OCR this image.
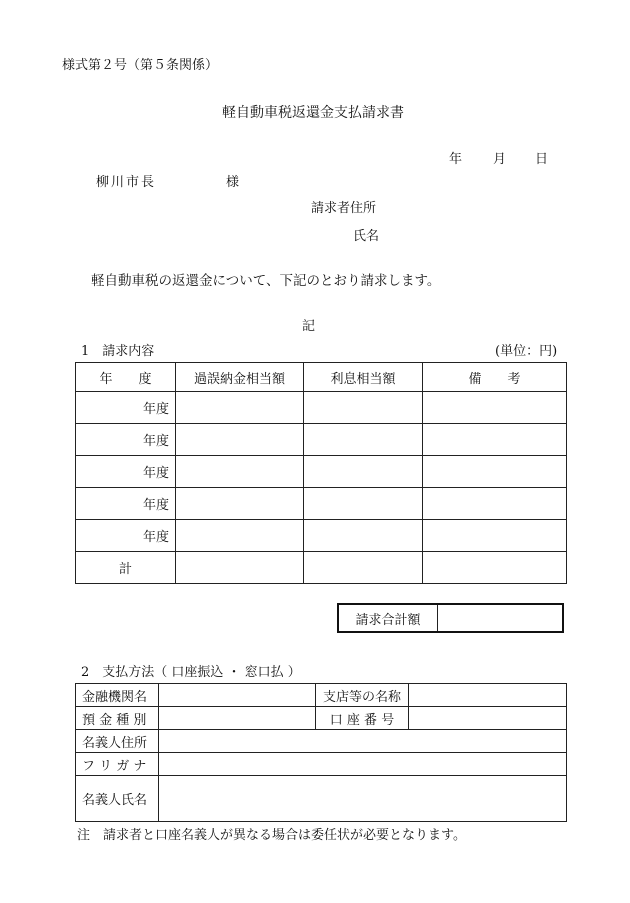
様式第２号（第５条関係）
軽自動車税返還金支払請求書
年 月 日
柳川市長	様
請求者住所
氏名
軽自動車税の返還金について、下記のとおり請求します。
記
1　請求内容	(単位：円)
年　　度	過誤納金相当額	利息相当額	備　　考
年度			
年度			
年度			
年度			
年度			
計			
請求合計額
2　支払方法（ 口座振込 ・ 窓口払 ）
金融機関名		支店等の名称	
預 金 種 別		口 座 番 号	
名義人住所			
フ リ ガ ナ			
名義人氏名			
注　請求者と口座名義人が異なる場合は委任状が必要となります。
